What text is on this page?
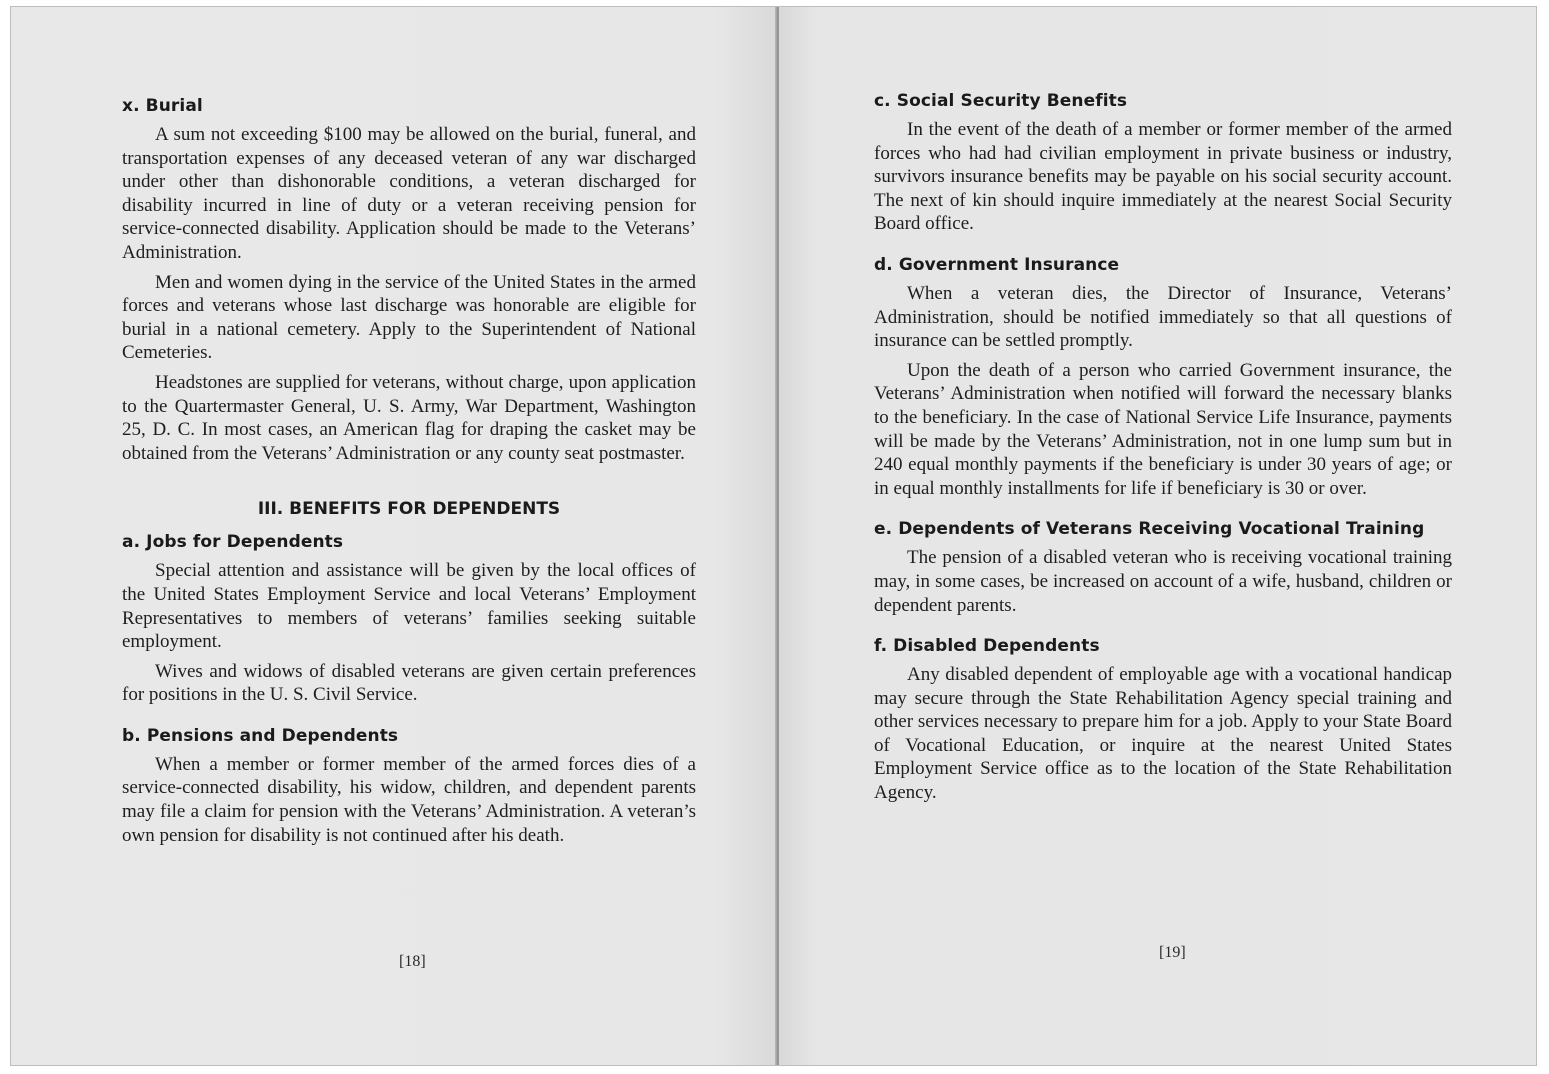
x. Burial

A sum not exceeding $100 may be allowed on the burial, funeral, and transportation expenses of any deceased veteran of any war discharged under other than dishonorable conditions, a veteran discharged for disability incurred in line of duty or a veteran receiving pension for service-connected disability. Application should be made to the Veterans’ Administration.

Men and women dying in the service of the United States in the armed forces and veterans whose last discharge was honorable are eligible for burial in a national cemetery. Apply to the Superintendent of National Cemeteries.

Headstones are supplied for veterans, without charge, upon application to the Quartermaster General, U. S. Army, War Department, Washington 25, D. C. In most cases, an American flag for draping the casket may be obtained from the Veterans’ Administration or any county seat postmaster.

III. BENEFITS FOR DEPENDENTS
a. Jobs for Dependents

Special attention and assistance will be given by the local offices of the United States Employment Service and local Veterans’ Employment Representatives to members of veterans’ families seeking suitable employment.

Wives and widows of disabled veterans are given certain preferences for positions in the U. S. Civil Service.

b. Pensions and Dependents

When a member or former member of the armed forces dies of a service-connected disability, his widow, children, and dependent parents may file a claim for pension with the Veterans’ Administration. A veteran’s own pension for disability is not continued after his death.

[18]
c. Social Security Benefits

In the event of the death of a member or former member of the armed forces who had had civilian employment in private business or industry, survivors insurance benefits may be payable on his social security account. The next of kin should inquire immediately at the nearest Social Security Board office.

d. Government Insurance

When a veteran dies, the Director of Insurance, Veterans’ Administration, should be notified immediately so that all questions of insurance can be settled promptly.

Upon the death of a person who carried Government insurance, the Veterans’ Administration when notified will forward the necessary blanks to the beneficiary. In the case of National Service Life Insurance, payments will be made by the Veterans’ Administration, not in one lump sum but in 240 equal monthly payments if the beneficiary is under 30 years of age; or in equal monthly installments for life if beneficiary is 30 or over.

e. Dependents of Veterans Receiving Vocational Training

The pension of a disabled veteran who is receiving vocational training may, in some cases, be increased on account of a wife, husband, children or dependent parents.

f. Disabled Dependents

Any disabled dependent of employable age with a vocational handicap may secure through the State Rehabilitation Agency special training and other services necessary to prepare him for a job. Apply to your State Board of Vocational Education, or inquire at the nearest United States Employment Service office as to the location of the State Rehabilitation Agency.

[19]
